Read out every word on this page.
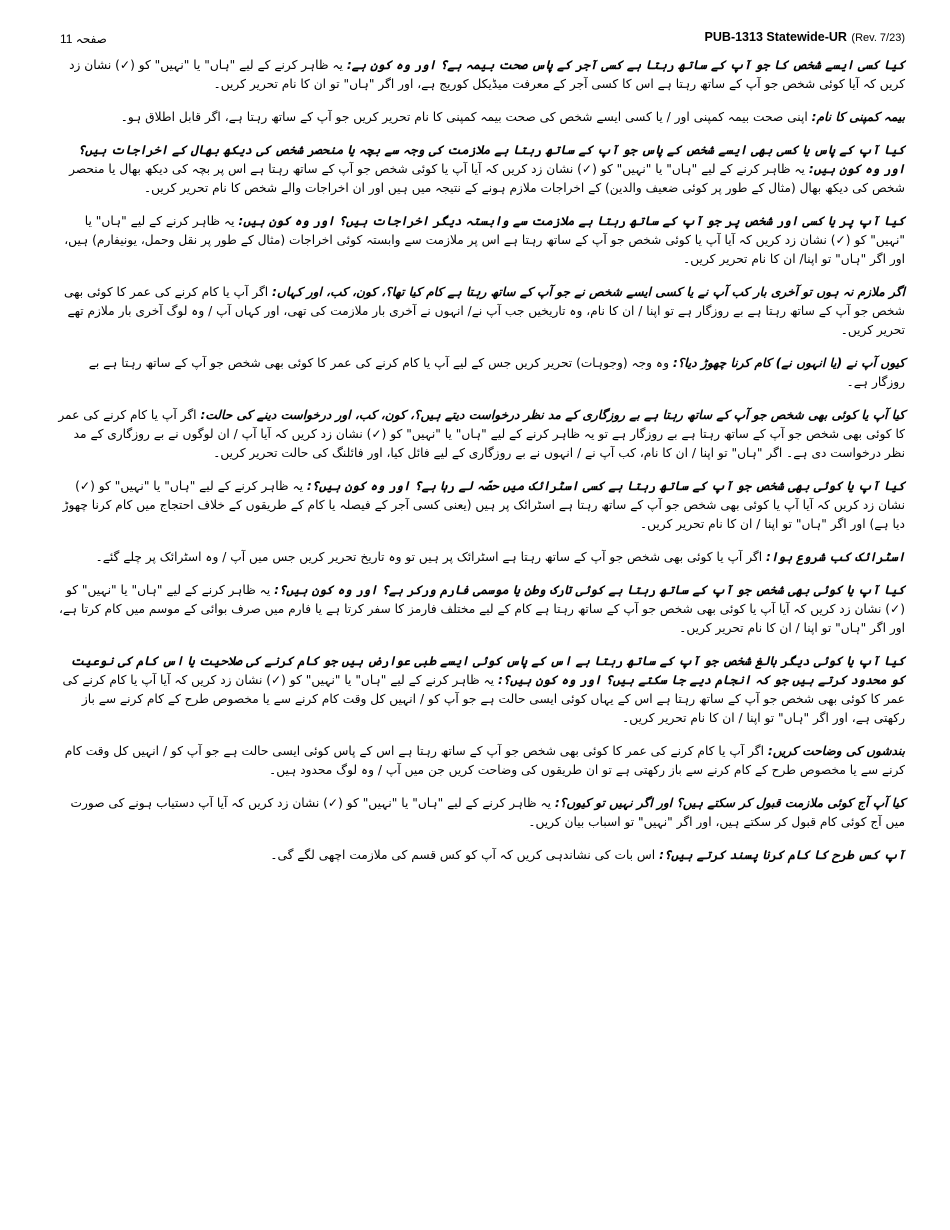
صفحہ 11	PUB-1313 Statewide-UR (Rev. 7/23)
کیا کسی ایسے شخص کا جو آپ کے ساتھ رہتا ہے کسی آجر کے پاس صحت بیمہ ہے؟ اور وہ کون ہے: یہ ظاہر کرنے کے لیے "ہاں" یا "نہیں" کو (✓) نشان زد کریں کہ آیا کوئی شخص جو آپ کے ساتھ رہتا ہے اس کا کسی آجر کے معرفت میڈیکل کوریج ہے، اور اگر "ہاں" تو ان کا نام تحریر کریں۔
بیمہ کمپنی کا نام: اپنی صحت بیمہ کمپنی اور / یا کسی ایسے شخص کی صحت بیمہ کمپنی کا نام تحریر کریں جو آپ کے ساتھ رہتا ہے، اگر قابل اطلاق ہو۔
کیا آپ کے پاس یا کسی بھی ایسے شخص کے پاس جو آپ کے ساتھ رہتا ہے ملازمت کی وجہ سے بچہ یا منحصر شخص کی دیکھ بھال کے اخراجات ہیں؟ اور وہ کون ہیں: یہ ظاہر کرنے کے لیے "ہاں" یا "نہیں" کو (✓) نشان زد کریں کہ آیا آپ یا کوئی شخص جو آپ کے ساتھ رہتا ہے اس پر بچہ کی دیکھ بھال یا منحصر شخص کی دیکھ بھال (مثال کے طور پر کوئی ضعیف والدین) کے اخراجات ملازم ہونے کے نتیجہ میں ہیں اور ان اخراجات والے شخص کا نام تحریر کریں۔
کیا آپ پر یا کسی اور شخص پر جو آپ کے ساتھ رہتا ہے ملازمت سے وابستہ دیگر اخراجات ہیں؟ اور وہ کون ہیں: یہ ظاہر کرنے کے لیے "ہاں" یا "نہیں" کو (✓) نشان زد کریں کہ آیا آپ یا کوئی شخص جو آپ کے ساتھ رہتا ہے اس پر ملازمت سے وابستہ کوئی اخراجات (مثال کے طور پر نقل وحمل، یونیفارم) ہیں، اور اگر "ہاں" تو اپنا/ ان کا نام تحریر کریں۔
اگر ملازم نہ ہوں تو آخری بار کب آپ نے یا کسی ایسے شخص نے جو آپ کے ساتھ رہتا ہے کام کیا تھا؟، کون، کب، اور کہاں: اگر آپ یا کام کرنے کی عمر کا کوئی بھی شخص جو آپ کے ساتھ رہتا ہے بے روزگار ہے تو اپنا / ان کا نام، وہ تاریخیں جب آپ نے/ انہوں نے آخری بار ملازمت کی تھی، اور کہاں آپ / وہ لوگ آخری بار ملازم تھے تحریر کریں۔
کیوں آپ نے (یا انہوں نے) کام کرنا چھوڑ دیا؟: وہ وجہ (وجوہات) تحریر کریں جس کے لیے آپ یا کام کرنے کی عمر کا کوئی بھی شخص جو آپ کے ساتھ رہتا ہے بے روزگار ہے۔
کیا آپ یا کوئی بھی شخص جو آپ کے ساتھ رہتا ہے بے روزگاری کے مد نظر درخواست دیتے ہیں؟، کون، کب، اور درخواست دینے کی حالت: اگر آپ یا کام کرنے کی عمر کا کوئی بھی شخص جو آپ کے ساتھ رہتا ہے بے روزگار ہے تو یہ ظاہر کرنے کے لیے "ہاں" یا "نہیں" کو (✓) نشان زد کریں کہ آیا آپ / ان لوگوں نے بے روزگاری کے مد نظر درخواست دی ہے۔ اگر "ہاں" تو اپنا / ان کا نام، کب آپ نے / انہوں نے بے روزگاری کے لیے فائل کیا، اور فائلنگ کی حالت تحریر کریں۔
کیا آپ یا کوئی بھی شخص جو آپ کے ساتھ رہتا ہے کسی اسٹرائک میں حصّہ لے رہا ہے؟ اور وہ کون ہیں؟: یہ ظاہر کرنے کے لیے "ہاں" یا "نہیں" کو (✓) نشان زد کریں کہ آیا آپ یا کوئی بھی شخص جو آپ کے ساتھ رہتا ہے اسٹرائک پر ہیں (یعنی کسی آجر کے فیصلہ یا کام کے طریقوں کے خلاف احتجاج میں کام کرنا چھوڑ دیا ہے) اور اگر "ہاں" تو اپنا / ان کا نام تحریر کریں۔
اسٹرائک کب شروع ہوا: اگر آپ یا کوئی بھی شخص جو آپ کے ساتھ رہتا ہے اسٹرائک پر ہیں تو وہ تاریخ تحریر کریں جس میں آپ / وہ اسٹرائک پر چلے گئے۔
کیا آپ یا کوئی بھی شخص جو آپ کے ساتھ رہتا ہے کوئی تارک وطن یا موسمی فارم ورکر ہے؟ اور وہ کون ہیں؟: یہ ظاہر کرنے کے لیے "ہاں" یا "نہیں" کو (✓) نشان زد کریں کہ آیا آپ یا کوئی بھی شخص جو آپ کے ساتھ رہتا ہے کام کے لیے مختلف فارمز کا سفر کرتا ہے یا فارم میں صرف بوائی کے موسم میں کام کرتا ہے، اور اگر "ہاں" تو اپنا / ان کا نام تحریر کریں۔
کیا آپ یا کوئی دیگر بالغ شخص جو آپ کے ساتھ رہتا ہے اس کے پاس کوئی ایسے طبی عوارض ہیں جو کام کرنے کی صلاحیت یا اس کام کی نوعیت کو محدود کرتے ہیں جو کہ انجام دیے جا سکتے ہیں؟ اور وہ کون ہیں؟: یہ ظاہر کرنے کے لیے "ہاں" یا "نہیں" کو (✓) نشان زد کریں کہ آیا آپ یا کام کرنے کی عمر کا کوئی بھی شخص جو آپ کے ساتھ رہتا ہے اس کے یہاں کوئی ایسی حالت ہے جو آپ کو / انہیں کل وقت کام کرنے سے یا مخصوص طرح کے کام کرنے سے باز رکھتی ہے، اور اگر "ہاں" تو اپنا / ان کا نام تحریر کریں۔
بندشوں کی وضاحت کریں: اگر آپ یا کام کرنے کی عمر کا کوئی بھی شخص جو آپ کے ساتھ رہتا ہے اس کے پاس کوئی ایسی حالت ہے جو آپ کو / انہیں کل وقت کام کرنے سے یا مخصوص طرح کے کام کرنے سے باز رکھتی ہے تو ان طریقوں کی وضاحت کریں جن میں آپ / وہ لوگ محدود ہیں۔
کیا آپ آج کوئی ملازمت قبول کر سکتے ہیں؟ اور اگر نہیں تو کیوں؟: یہ ظاہر کرنے کے لیے "ہاں" یا "نہیں" کو (✓) نشان زد کریں کہ آیا آپ دستیاب ہونے کی صورت میں آج کوئی کام قبول کر سکتے ہیں، اور اگر "نہیں" تو اسباب بیان کریں۔
آپ کس طرح کا کام کرنا پسند کرتے ہیں؟: اس بات کی نشاندہی کریں کہ آپ کو کس قسم کی ملازمت اچھی لگے گی۔
